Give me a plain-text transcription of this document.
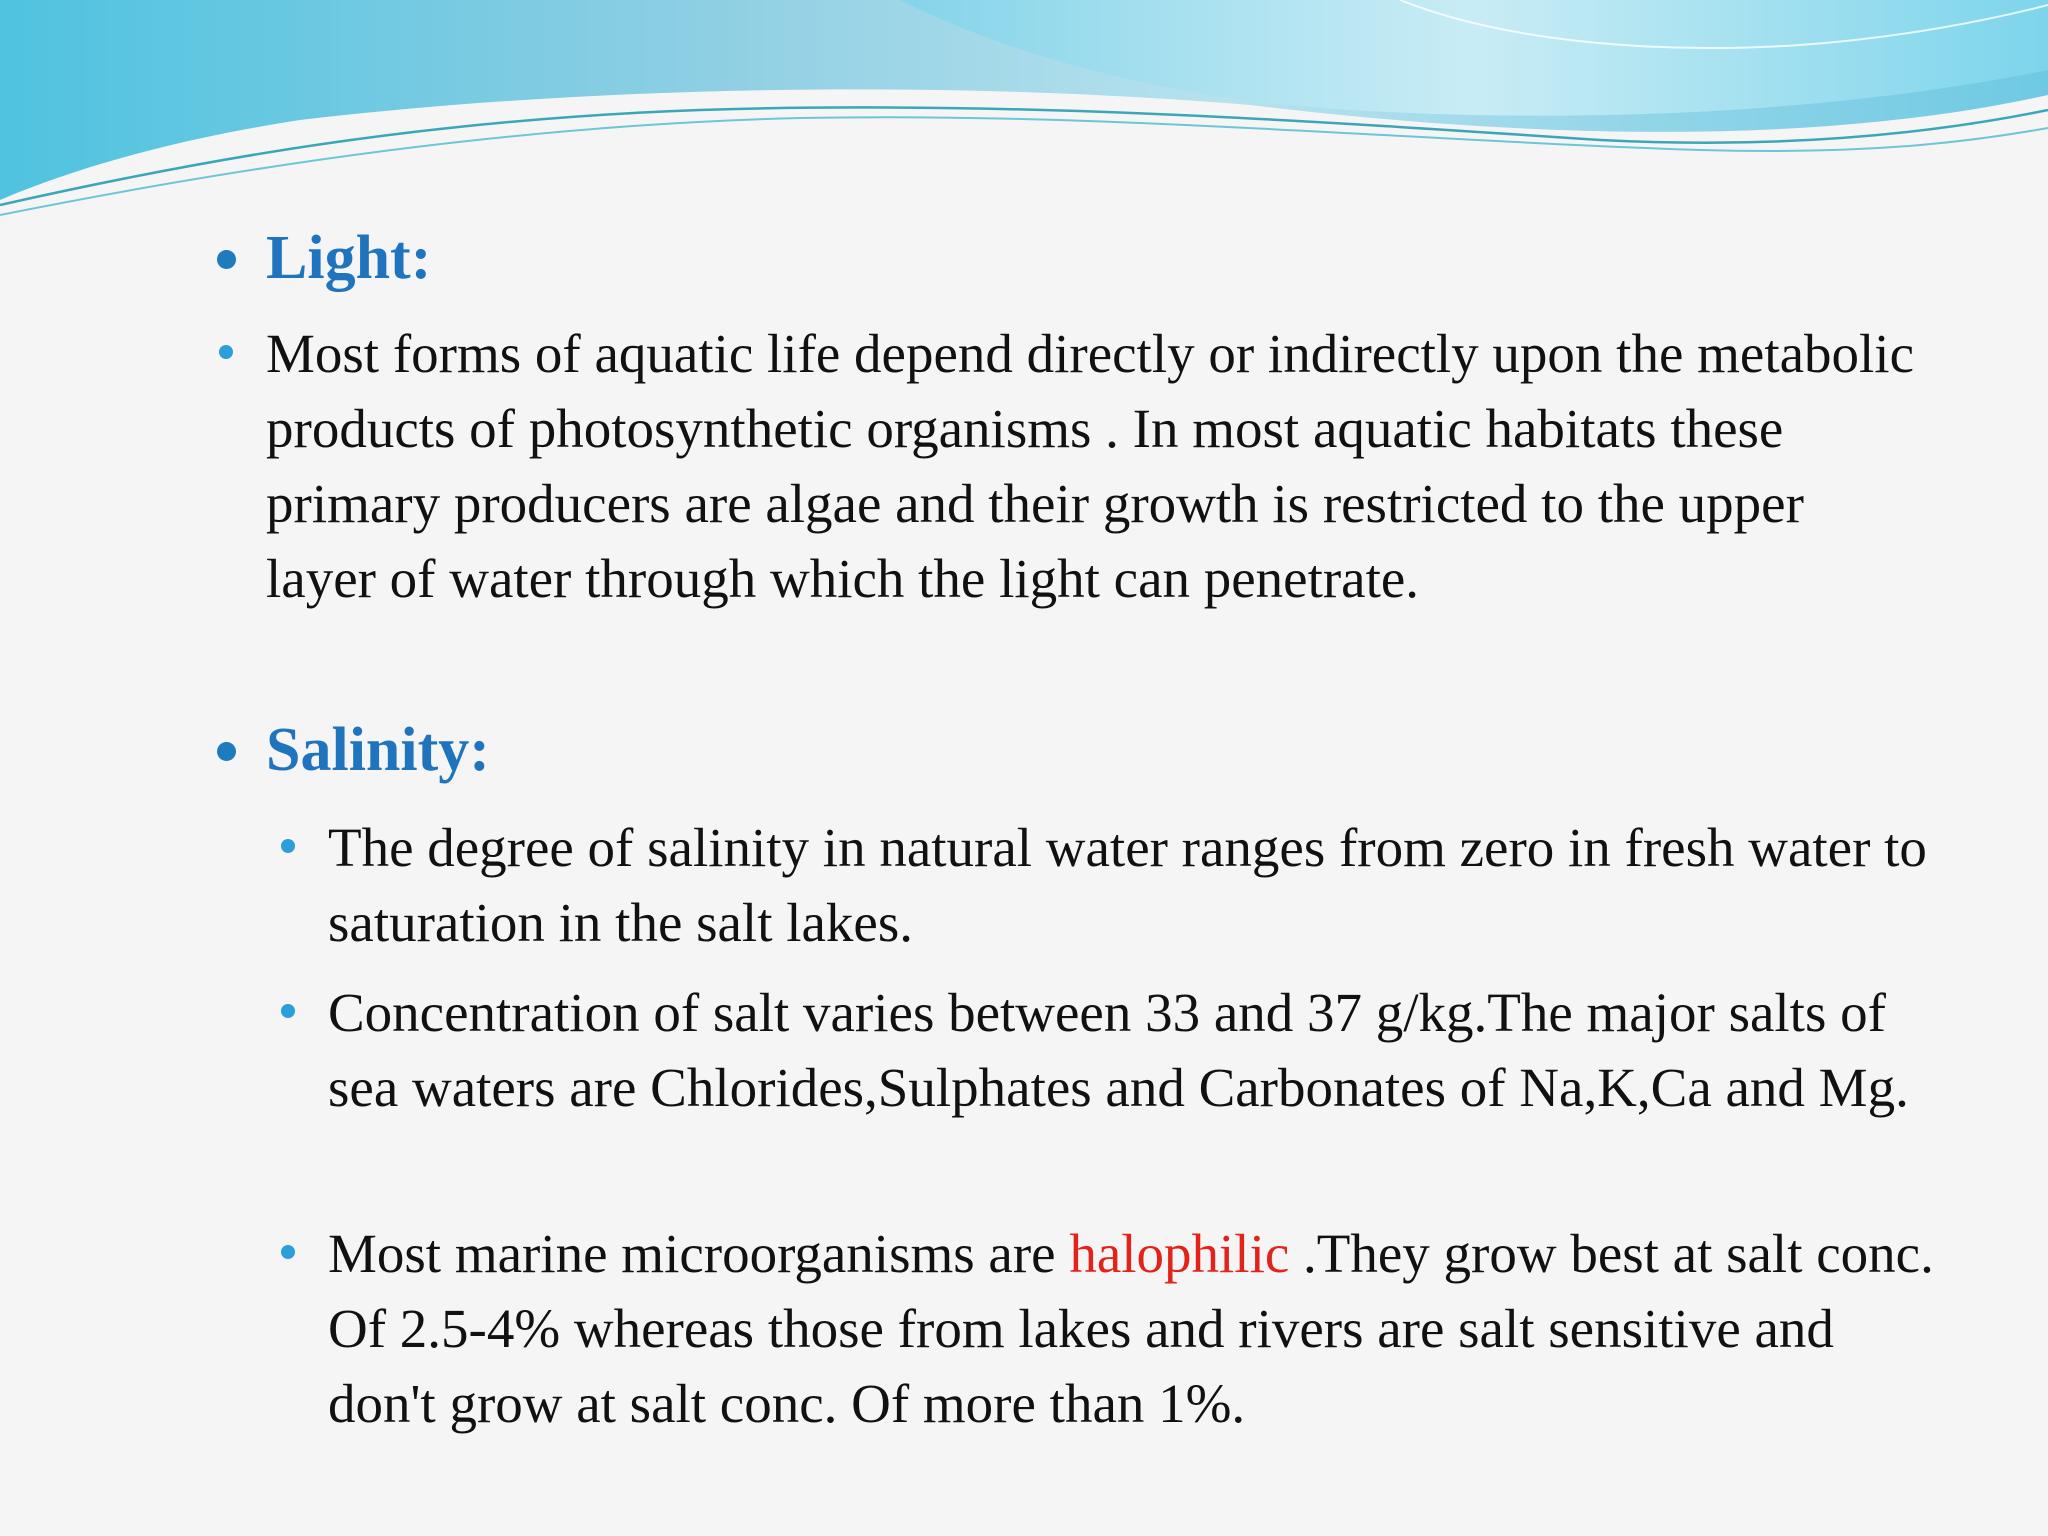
Light:
Most forms of aquatic life depend directly or indirectly upon the metabolic products of photosynthetic organisms . In most aquatic habitats these primary producers are algae and their growth is restricted to the upper layer of water through which the light can penetrate.
Salinity:
The degree of salinity in natural water ranges from zero in fresh water to saturation in the salt lakes.
Concentration of salt varies between 33 and 37 g/kg.The major salts of sea waters are Chlorides,Sulphates and Carbonates of Na,K,Ca and Mg.
Most marine microorganisms are halophilic .They grow best at salt conc. Of 2.5-4% whereas those from lakes and rivers are salt sensitive and don't grow at salt conc. Of more than 1%.
